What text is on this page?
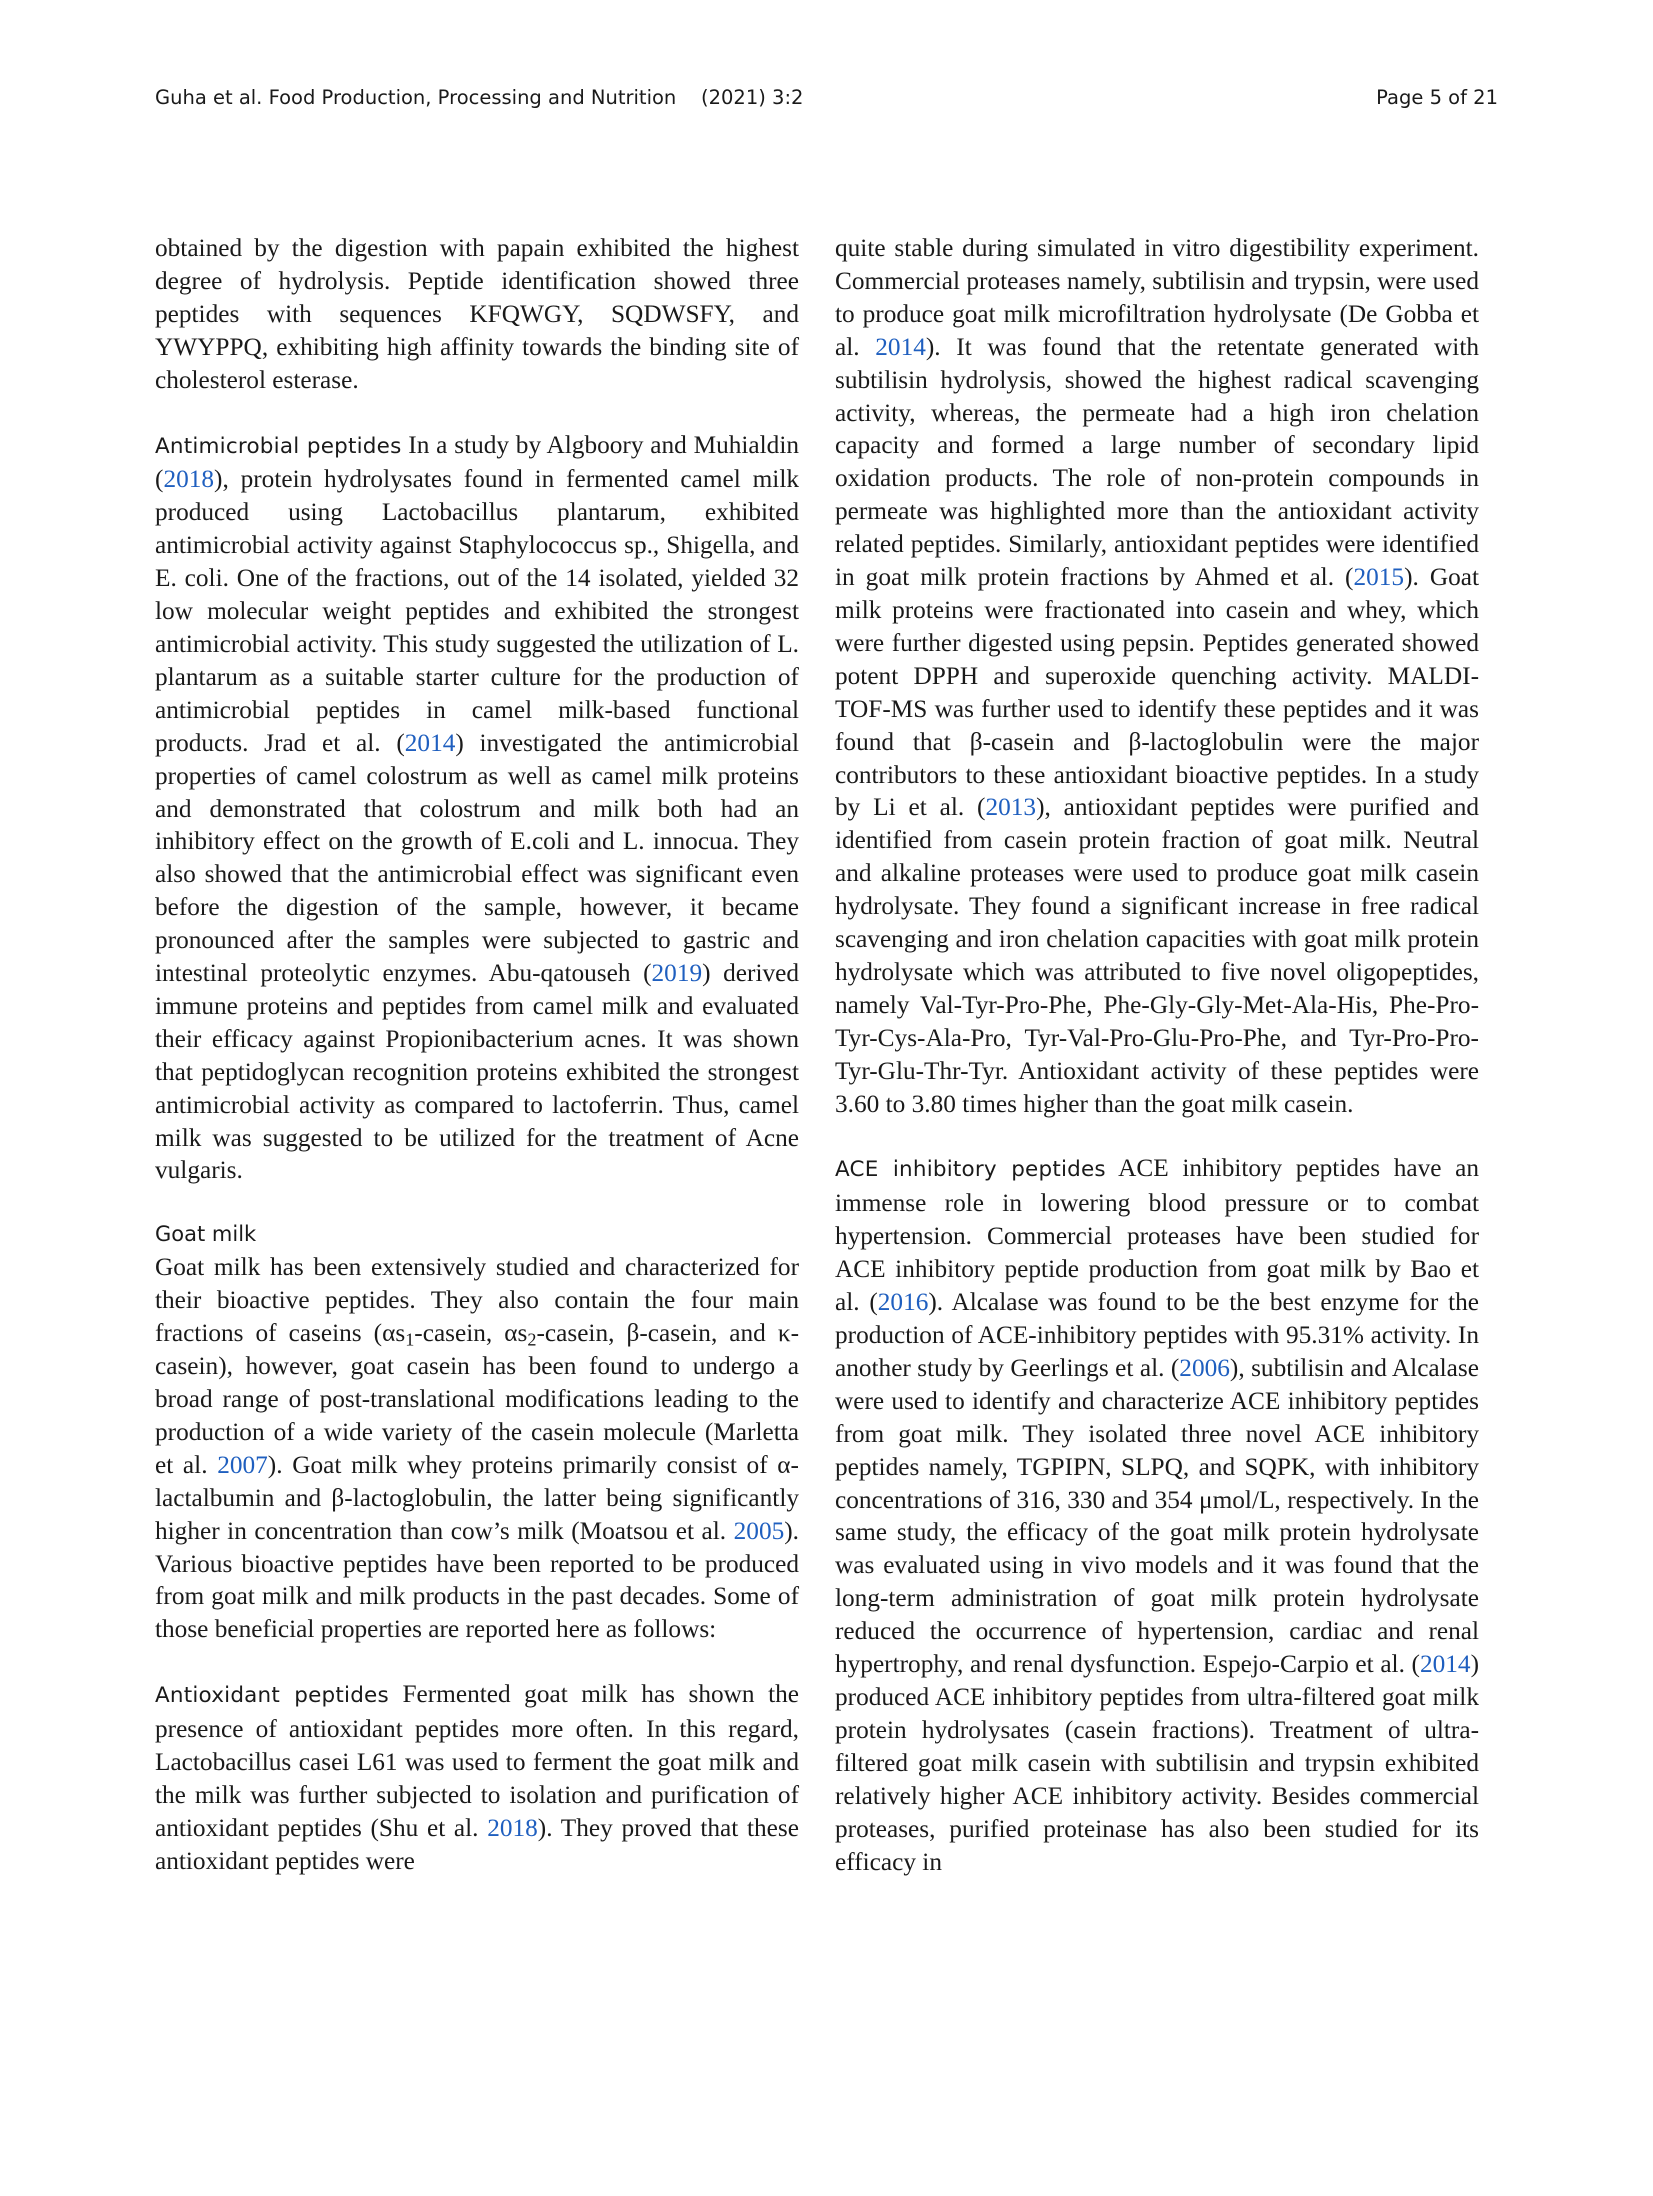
Guha et al. Food Production, Processing and Nutrition (2021) 3:2	Page 5 of 21

obtained by the digestion with papain exhibited the highest degree of hydrolysis. Peptide identification showed three peptides with sequences KFQWGY, SQDWSFY, and YWYPPQ, exhibiting high affinity towards the binding site of cholesterol esterase.

Antimicrobial peptides In a study by Algboory and Muhialdin (2018), protein hydrolysates found in fermented camel milk produced using Lactobacillus plantarum, exhibited antimicrobial activity against Staphylococcus sp., Shigella, and E. coli. One of the fractions, out of the 14 isolated, yielded 32 low molecular weight peptides and exhibited the strongest antimicrobial activity. This study suggested the utilization of L. plantarum as a suitable starter culture for the production of antimicrobial peptides in camel milk-based functional products. Jrad et al. (2014) investigated the antimicrobial properties of camel colostrum as well as camel milk proteins and demonstrated that colostrum and milk both had an inhibitory effect on the growth of E.coli and L. innocua. They also showed that the antimicrobial effect was significant even before the digestion of the sample, however, it became pronounced after the samples were subjected to gastric and intestinal proteolytic enzymes. Abu-qatouseh (2019) derived immune proteins and peptides from camel milk and evaluated their efficacy against Propionibacterium acnes. It was shown that peptidoglycan recognition proteins exhibited the strongest antimicrobial activity as compared to lactoferrin. Thus, camel milk was suggested to be utilized for the treatment of Acne vulgaris.

Goat milk

Goat milk has been extensively studied and characterized for their bioactive peptides. They also contain the four main fractions of caseins ($\alpha s_1$-casein, $\alpha s_2$-casein, β-casein, and κ-casein), however, goat casein has been found to undergo a broad range of post-translational modifications leading to the production of a wide variety of the casein molecule (Marletta et al. 2007). Goat milk whey proteins primarily consist of α-lactalbumin and β-lactoglobulin, the latter being significantly higher in concentration than cow’s milk (Moatsou et al. 2005). Various bioactive peptides have been reported to be produced from goat milk and milk products in the past decades. Some of those beneficial properties are reported here as follows:

Antioxidant peptides Fermented goat milk has shown the presence of antioxidant peptides more often. In this regard, Lactobacillus casei L61 was used to ferment the goat milk and the milk was further subjected to isolation and purification of antioxidant peptides (Shu et al. 2018). They proved that these antioxidant peptides were

quite stable during simulated in vitro digestibility experiment. Commercial proteases namely, subtilisin and trypsin, were used to produce goat milk microfiltration hydrolysate (De Gobba et al. 2014). It was found that the retentate generated with subtilisin hydrolysis, showed the highest radical scavenging activity, whereas, the permeate had a high iron chelation capacity and formed a large number of secondary lipid oxidation products. The role of non-protein compounds in permeate was highlighted more than the antioxidant activity related peptides. Similarly, antioxidant peptides were identified in goat milk protein fractions by Ahmed et al. (2015). Goat milk proteins were fractionated into casein and whey, which were further digested using pepsin. Peptides generated showed potent DPPH and superoxide quenching activity. MALDI-TOF-MS was further used to identify these peptides and it was found that β-casein and β-lactoglobulin were the major contributors to these antioxidant bioactive peptides. In a study by Li et al. (2013), antioxidant peptides were purified and identified from casein protein fraction of goat milk. Neutral and alkaline proteases were used to produce goat milk casein hydrolysate. They found a significant increase in free radical scavenging and iron chelation capacities with goat milk protein hydrolysate which was attributed to five novel oligopeptides, namely Val-Tyr-Pro-Phe, Phe-Gly-Gly-Met-Ala-His, Phe-Pro-Tyr-Cys-Ala-Pro, Tyr-Val-Pro-Glu-Pro-Phe, and Tyr-Pro-Pro-Tyr-Glu-Thr-Tyr. Antioxidant activity of these peptides were 3.60 to 3.80 times higher than the goat milk casein.

ACE inhibitory peptides ACE inhibitory peptides have an immense role in lowering blood pressure or to combat hypertension. Commercial proteases have been studied for ACE inhibitory peptide production from goat milk by Bao et al. (2016). Alcalase was found to be the best enzyme for the production of ACE-inhibitory peptides with 95.31% activity. In another study by Geerlings et al. (2006), subtilisin and Alcalase were used to identify and characterize ACE inhibitory peptides from goat milk. They isolated three novel ACE inhibitory peptides namely, TGPIPN, SLPQ, and SQPK, with inhibitory concentrations of 316, 330 and 354 μmol/L, respectively. In the same study, the efficacy of the goat milk protein hydrolysate was evaluated using in vivo models and it was found that the long-term administration of goat milk protein hydrolysate reduced the occurrence of hypertension, cardiac and renal hypertrophy, and renal dysfunction. Espejo-Carpio et al. (2014) produced ACE inhibitory peptides from ultra-filtered goat milk protein hydrolysates (casein fractions). Treatment of ultra-filtered goat milk casein with subtilisin and trypsin exhibited relatively higher ACE inhibitory activity. Besides commercial proteases, purified proteinase has also been studied for its efficacy in
